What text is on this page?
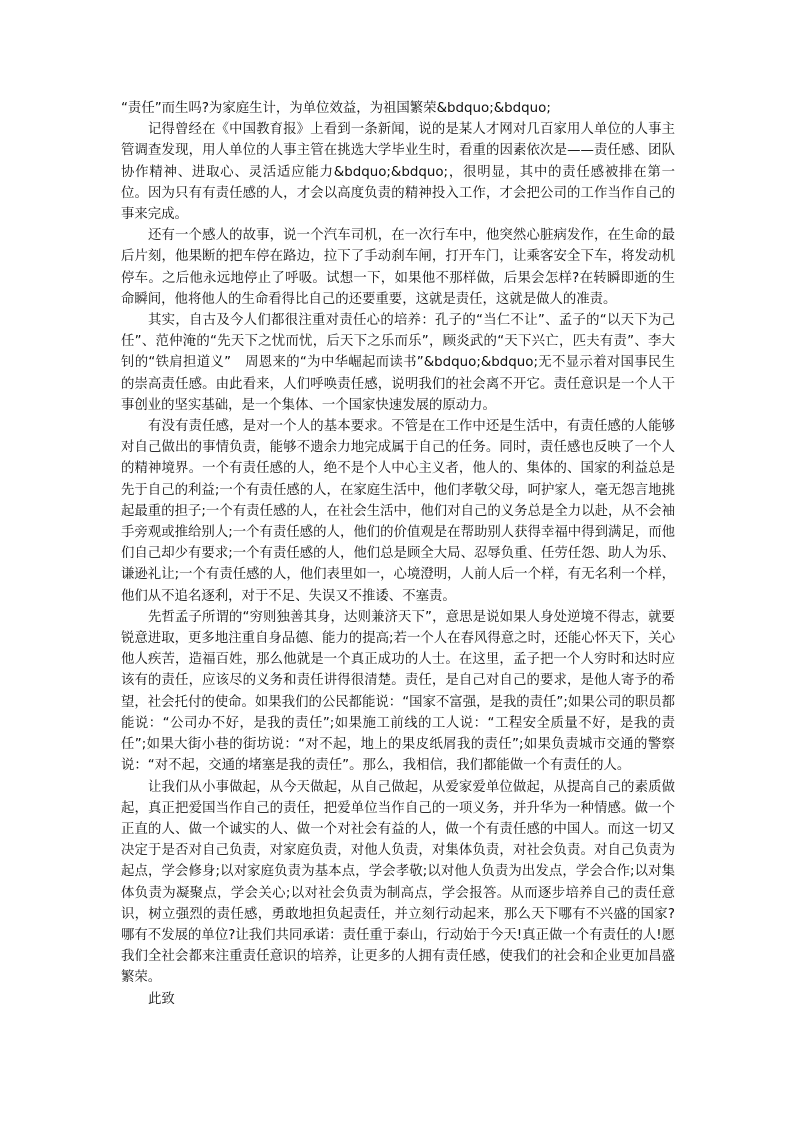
“责任”而生吗?为家庭生计，为单位效益，为祖国繁荣&bdquo;&bdquo;

记得曾经在《中国教育报》上看到一条新闻，说的是某人才网对几百家用人单位的人事主管调查发现，用人单位的人事主管在挑选大学毕业生时，看重的因素依次是——责任感、团队协作精神、进取心、灵活适应能力&bdquo;&bdquo;，很明显，其中的责任感被排在第一位。因为只有有责任感的人，才会以高度负责的精神投入工作，才会把公司的工作当作自己的事来完成。

还有一个感人的故事，说一个汽车司机，在一次行车中，他突然心脏病发作，在生命的最后片刻，他果断的把车停在路边，拉下了手动刹车闸，打开车门，让乘客安全下车，将发动机停车。之后他永远地停止了呼吸。试想一下，如果他不那样做，后果会怎样?在转瞬即逝的生命瞬间，他将他人的生命看得比自己的还要重要，这就是责任，这就是做人的准责。

其实，自古及今人们都很注重对责任心的培养：孔子的“当仁不让”、孟子的“以天下为己任”、范仲淹的“先天下之忧而忧，后天下之乐而乐”，顾炎武的“天下兴亡，匹夫有责”、李大钊的“铁肩担道义”　周恩来的“为中华崛起而读书”&bdquo;&bdquo;无不显示着对国事民生的崇高责任感。由此看来，人们呼唤责任感，说明我们的社会离不开它。责任意识是一个人干事创业的坚实基础，是一个集体、一个国家快速发展的原动力。

有没有责任感，是对一个人的基本要求。不管是在工作中还是生活中，有责任感的人能够对自己做出的事情负责，能够不遗余力地完成属于自己的任务。同时，责任感也反映了一个人的精神境界。一个有责任感的人，绝不是个人中心主义者，他人的、集体的、国家的利益总是先于自己的利益;一个有责任感的人，在家庭生活中，他们孝敬父母，呵护家人，毫无怨言地挑起最重的担子;一个有责任感的人，在社会生活中，他们对自己的义务总是全力以赴，从不会袖手旁观或推给别人;一个有责任感的人，他们的价值观是在帮助别人获得幸福中得到满足，而他们自己却少有要求;一个有责任感的人，他们总是顾全大局、忍辱负重、任劳任怨、助人为乐、谦逊礼让;一个有责任感的人，他们表里如一，心境澄明，人前人后一个样，有无名利一个样，他们从不追名逐利，对于不足、失误又不推诿、不塞责。

先哲孟子所谓的“穷则独善其身，达则兼济天下”，意思是说如果人身处逆境不得志，就要锐意进取，更多地注重自身品德、能力的提高;若一个人在春风得意之时，还能心怀天下，关心他人疾苦，造福百姓，那么他就是一个真正成功的人士。在这里，孟子把一个人穷时和达时应该有的责任，应该尽的义务和责任讲得很清楚。责任，是自己对自己的要求，是他人寄予的希望，社会托付的使命。如果我们的公民都能说：“国家不富强，是我的责任”;如果公司的职员都能说：“公司办不好，是我的责任”;如果施工前线的工人说：“工程安全质量不好，是我的责任”;如果大街小巷的街坊说：“对不起，地上的果皮纸屑我的责任”;如果负责城市交通的警察说：“对不起，交通的堵塞是我的责任”。那么，我相信，我们都能做一个有责任的人。

让我们从小事做起，从今天做起，从自己做起，从爱家爱单位做起，从提高自己的素质做起，真正把爱国当作自己的责任，把爱单位当作自己的一项义务，并升华为一种情感。做一个正直的人、做一个诚实的人、做一个对社会有益的人，做一个有责任感的中国人。而这一切又决定于是否对自己负责，对家庭负责，对他人负责，对集体负责，对社会负责。对自己负责为起点，学会修身;以对家庭负责为基本点，学会孝敬;以对他人负责为出发点，学会合作;以对集体负责为凝聚点，学会关心;以对社会负责为制高点，学会报答。从而逐步培养自己的责任意识，树立强烈的责任感，勇敢地担负起责任，并立刻行动起来，那么天下哪有不兴盛的国家?哪有不发展的单位?让我们共同承诺：责任重于泰山，行动始于今天!真正做一个有责任的人!愿我们全社会都来注重责任意识的培养，让更多的人拥有责任感，使我们的社会和企业更加昌盛繁荣。

此致
